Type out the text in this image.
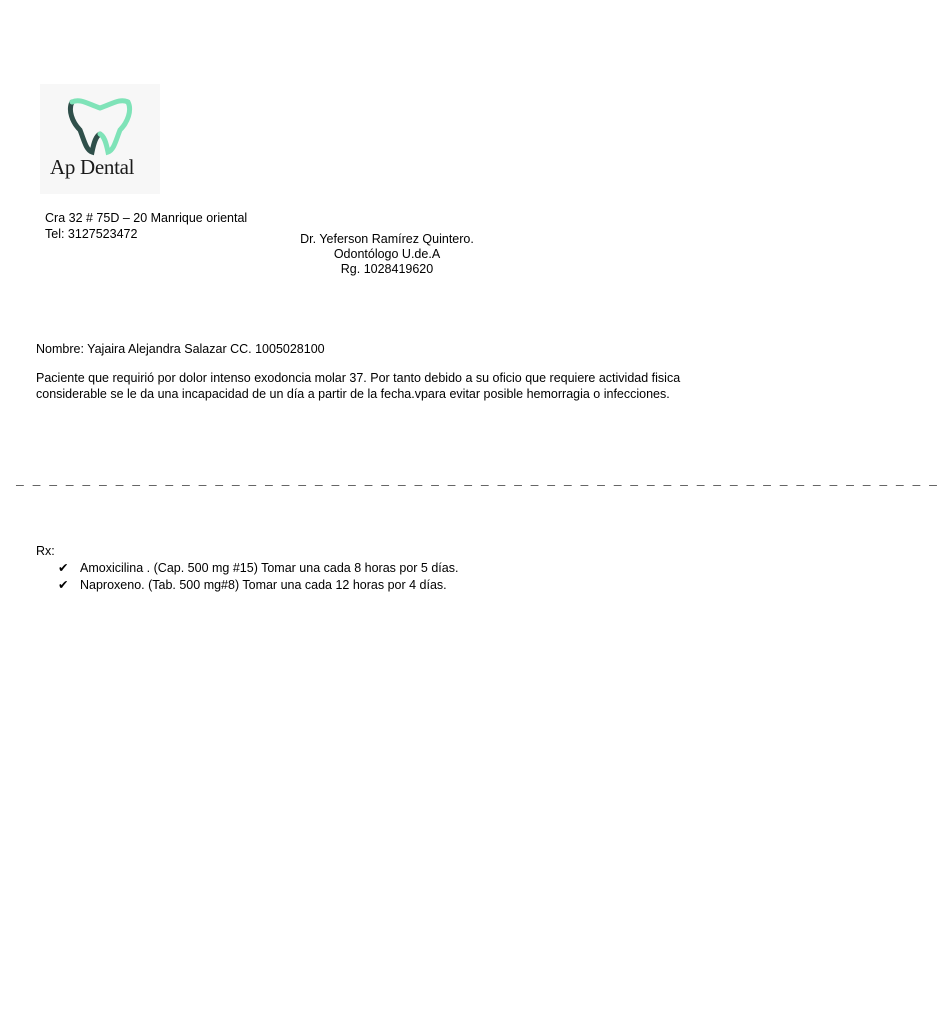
Ap Dental
Cra 32 # 75D – 20 Manrique oriental
Tel: 3127523472	Dr. Yeferson Ramírez Quintero.
Odontólogo U.de.A
Rg. 1028419620
Nombre: Yajaira Alejandra Salazar CC. 1005028100
Paciente que requirió por dolor intenso exodoncia molar 37. Por tanto debido a su oficio que requiere actividad fisica considerable se le da una incapacidad de un día a partir de la fecha.vpara evitar posible hemorragia o infecciones.
_ _ _ _ _ _ _ _ _ _ _ _ _ _ _ _ _ _ _ _ _ _ _ _ _ _ _ _ _ _ _ _ _ _ _ _ _ _ _ _ _ _ _ _ _ _ _ _ _ _ _ _ _ _ _ _
Rx:
✔ Amoxicilina . (Cap. 500 mg #15) Tomar una cada 8 horas por 5 días.
✔ Naproxeno. (Tab. 500 mg#8) Tomar una cada 12 horas por 4 días.
